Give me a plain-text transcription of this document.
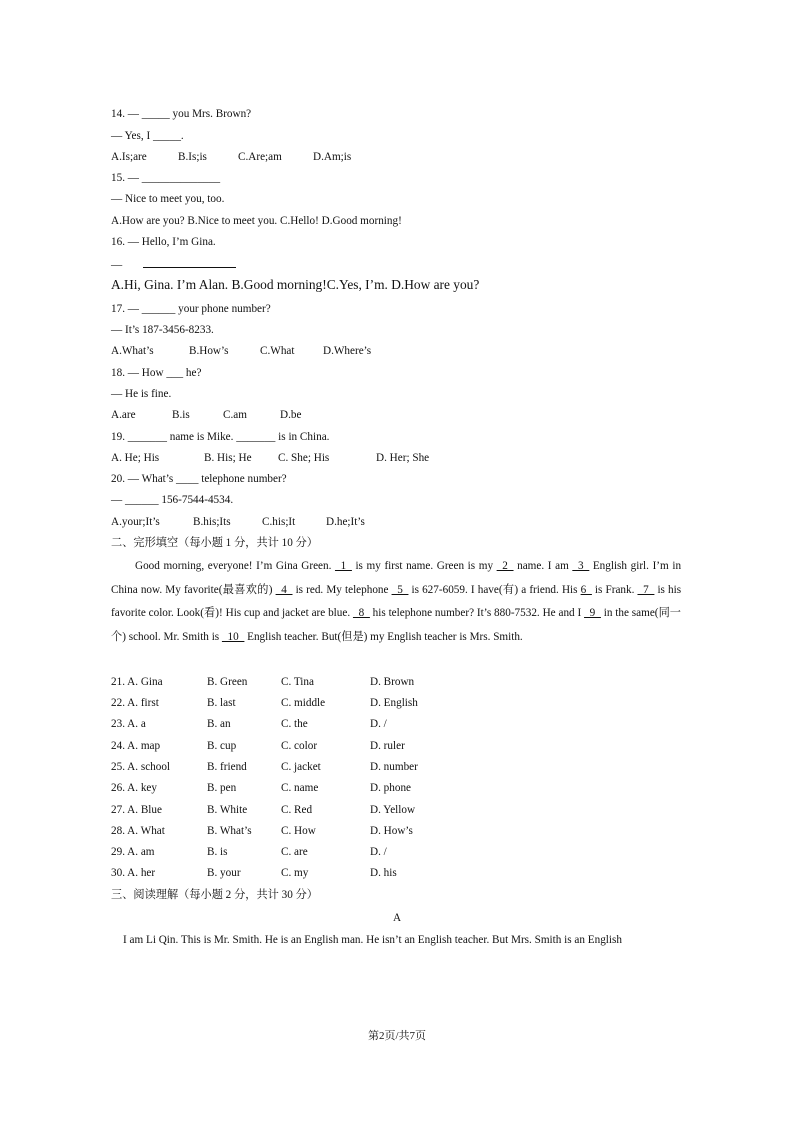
14. — _____ you Mrs. Brown?
— Yes, I _____.
A.Is;are	B.Is;is	C.Are;am	D.Am;is
15. — ______________
— Nice to meet you, too.
A.How are you? B.Nice to meet you. C.Hello! D.Good morning!
16. — Hello, I’m Gina.
—
A.Hi, Gina. I’m Alan. B.Good morning!C.Yes, I’m. D.How are you?
17. — ______ your phone number?
— It’s 187-3456-8233.
A.What’s	B.How’s	C.What	D.Where’s
18. — How ___ he?
— He is fine.
A.are	B.is	C.am	D.be
19. _______ name is Mike. _______ is in China.
A. He; His	B. His; He C. She; His	D. Her; She
20. — What’s ____ telephone number?
— ______ 156-7544-4534.
A.your;It’s	B.his;Its	C.his;It	D.he;It’s
二、完形填空（每小题 1 分，共计 10 分）
Good morning, everyone! I’m Gina Green. _1_ is my first name. Green is my _2_ name. I am _3_ English girl. I’m in China now. My favorite(最喜欢的) _4_ is red. My telephone _5_ is 627-6059. I have(有) a friend. His 6_ is Frank. _7_ is his favorite color. Look(看)! His cup and jacket are blue. _8_ his telephone number? It’s 880-7532. He and I _9_ in the same(同一个) school. Mr. Smith is _10_ English teacher. But(但是) my English teacher is Mrs. Smith.
21. A. Gina	B. Green	C. Tina	D. Brown
22. A. first	B. last	C. middle	D. English
23. A. a	B. an	C. the	D. /
24. A. map	B. cup	C. color	D. ruler
25. A. school	B. friend	C. jacket	D. number
26. A. key	B. pen	C. name	D. phone
27. A. Blue	B. White	C. Red	D. Yellow
28. A. What	B. What’s	C. How	D. How’s
29. A. am	B. is	C. are	D. /
30. A. her	B. your	C. my	D. his
三、阅读理解（每小题 2 分，共计 30 分）
A
I am Li Qin. This is Mr. Smith. He is an English man. He isn’t an English teacher. But Mrs. Smith is an English
第2页/共7页
